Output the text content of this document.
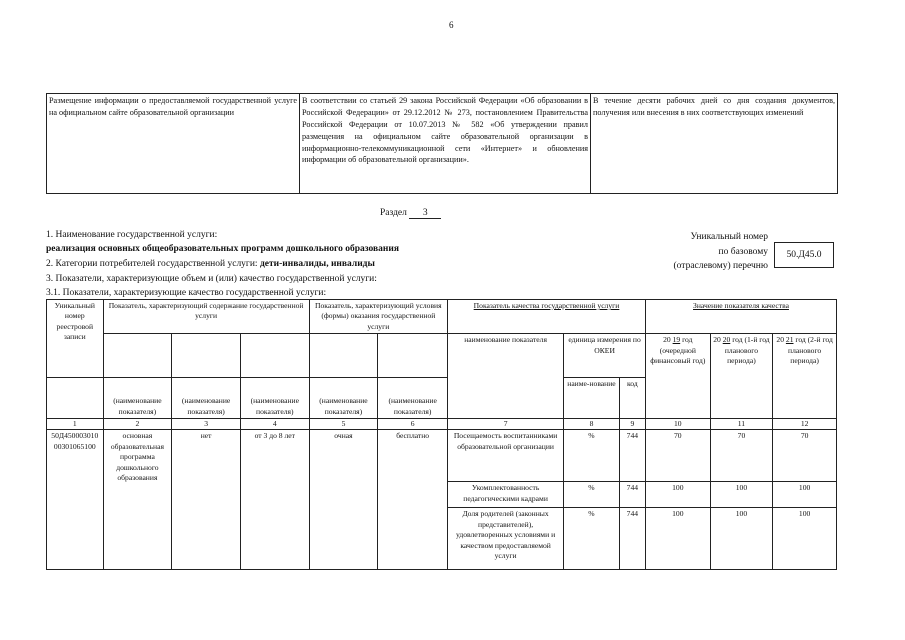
6
Размещение информации о предоставляемой государственной услуге на официальном сайте образовательной организации	В соответствии со статьей 29 закона Российской Федерации «Об образовании в Российской Федерации» от 29.12.2012 № 273, постановлением Правительства Российской Федерации от 10.07.2013 № 582 «Об утверждении правил размещения на официальном сайте образовательной организации в информационно-телекоммуникационной сети «Интернет» и обновления информации об образовательной организации».	В течение десяти рабочих дней со дня создания документов, получения или внесения в них соответствующих изменений
Раздел 3
1. Наименование государственной услуги:
реализация основных общеобразовательных программ дошкольного образования
2. Категории потребителей государственной услуги: дети-инвалиды, инвалиды
3. Показатели, характеризующие объем и (или) качество государственной услуги:
3.1. Показатели, характеризующие качество государственной услуги:
Уникальный номер
по базовому
(отраслевому) перечню
50.Д45.0
Уникальный номер реестровой записи	Показатель, характеризующий содержание государственной услуги			Показатель, характеризующий условия (формы) оказания государственной услуги		Показатель качества государственной услуги			Значение показателя качества		
						наименование показателя	единица измерения по ОКЕИ		20 19 год (очередной финансовый год)	20 20 год (1-й год планового периода)	20 21 год (2-й год планового периода)

	(наименование показателя)	(наименование показателя)	(наименование показателя)	(наименование показателя)	(наименование показателя)		наиме-нование	код			
1	2	3	4	5	6	7	8	9	10	11	12
50Д450003010 00301065100	основная образовательная программа дошкольного образования	нет	от 3 до 8 лет	очная	бесплатно	Посещаемость воспитанниками образовательной организации	%	744	70	70	70
						Укомплектованность педагогическими кадрами	%	744	100	100	100
						Доля родителей (законных представителей), удовлетворенных условиями и качеством предоставляемой услуги	%	744	100	100	100
